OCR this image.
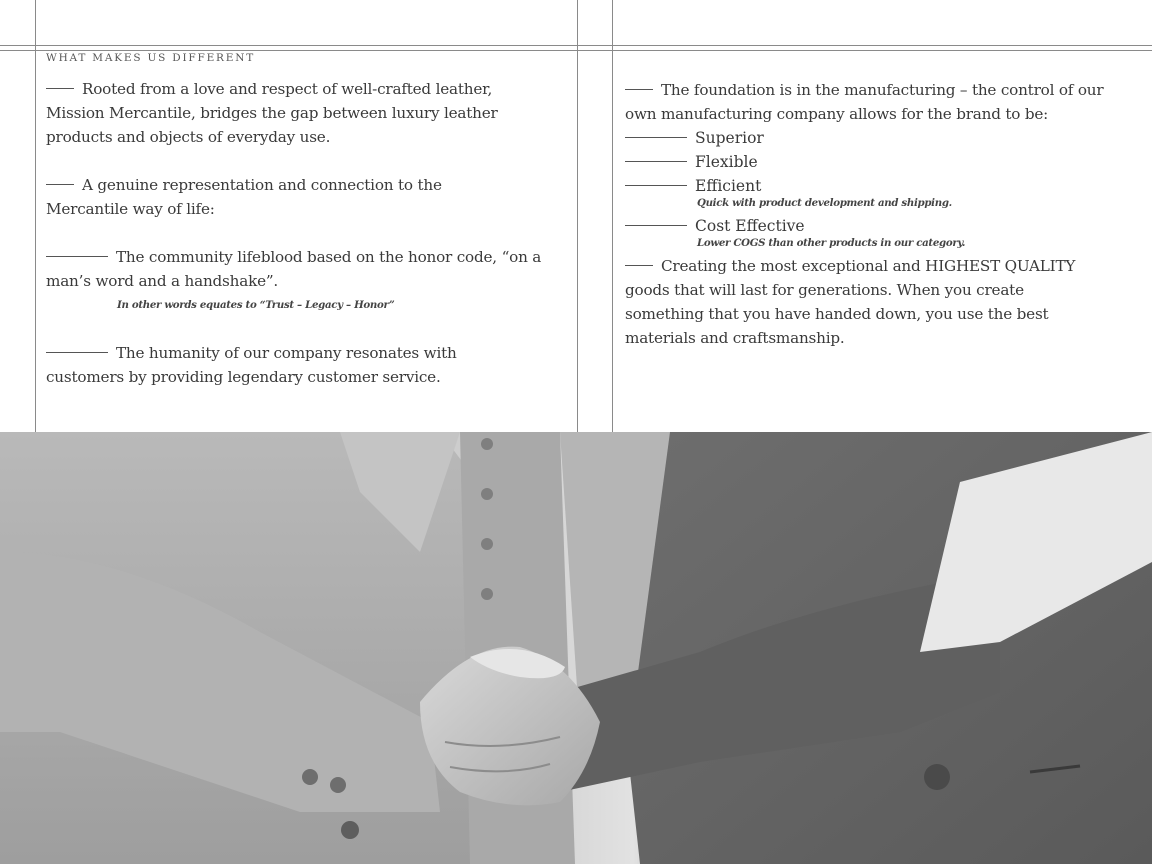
WHAT MAKES US DIFFERENT
Rooted from a love and respect of well-crafted leather, Mission Mercantile, bridges the gap between luxury leather products and objects of everyday use.
A genuine representation and connection to the Mercantile way of life:
The community lifeblood based on the honor code, “on a man’s word and a handshake”.
In other words equates to “Trust – Legacy – Honor”
The humanity of our company resonates with customers by providing legendary customer service.
The foundation is in the manufacturing – the control of our own manufacturing company allows for the brand to be:
Superior
Flexible
Efficient
Quick with product development and shipping.
Cost Effective
Lower COGS than other products in our category.
Creating the most exceptional and HIGHEST QUALITY goods that will last for generations. When you create something that you have handed down, you use the best materials and craftsmanship.
